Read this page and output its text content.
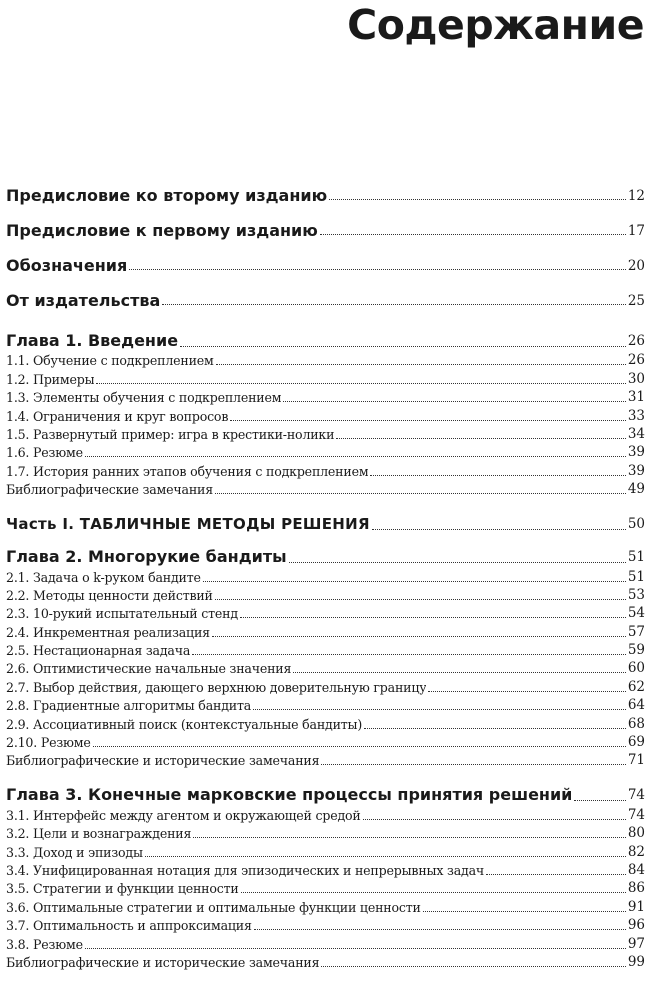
Содержание
Предисловие ко второму изданию	12
Предисловие к первому изданию	17
Обозначения	20
От издательства	25
Глава 1. Введение	26
1.1. Обучение с подкреплением	26
1.2. Примеры	30
1.3. Элементы обучения с подкреплением	31
1.4. Ограничения и круг вопросов	33
1.5. Развернутый пример: игра в крестики-нолики	34
1.6. Резюме	39
1.7. История ранних этапов обучения с подкреплением	39
Библиографические замечания	49
Часть I. ТАБЛИЧНЫЕ МЕТОДЫ РЕШЕНИЯ	50
Глава 2. Многорукие бандиты	51
2.1. Задача о k-руком бандите	51
2.2. Методы ценности действий	53
2.3. 10-рукий испытательный стенд	54
2.4. Инкрементная реализация	57
2.5. Нестационарная задача	59
2.6. Оптимистические начальные значения	60
2.7. Выбор действия, дающего верхнюю доверительную границу	62
2.8. Градиентные алгоритмы бандита	64
2.9. Ассоциативный поиск (контекстуальные бандиты)	68
2.10. Резюме	69
Библиографические и исторические замечания	71
Глава 3. Конечные марковские процессы принятия решений	74
3.1. Интерфейс между агентом и окружающей средой	74
3.2. Цели и вознаграждения	80
3.3. Доход и эпизоды	82
3.4. Унифицированная нотация для эпизодических и непрерывных задач	84
3.5. Стратегии и функции ценности	86
3.6. Оптимальные стратегии и оптимальные функции ценности	91
3.7. Оптимальность и аппроксимация	96
3.8. Резюме	97
Библиографические и исторические замечания	99
